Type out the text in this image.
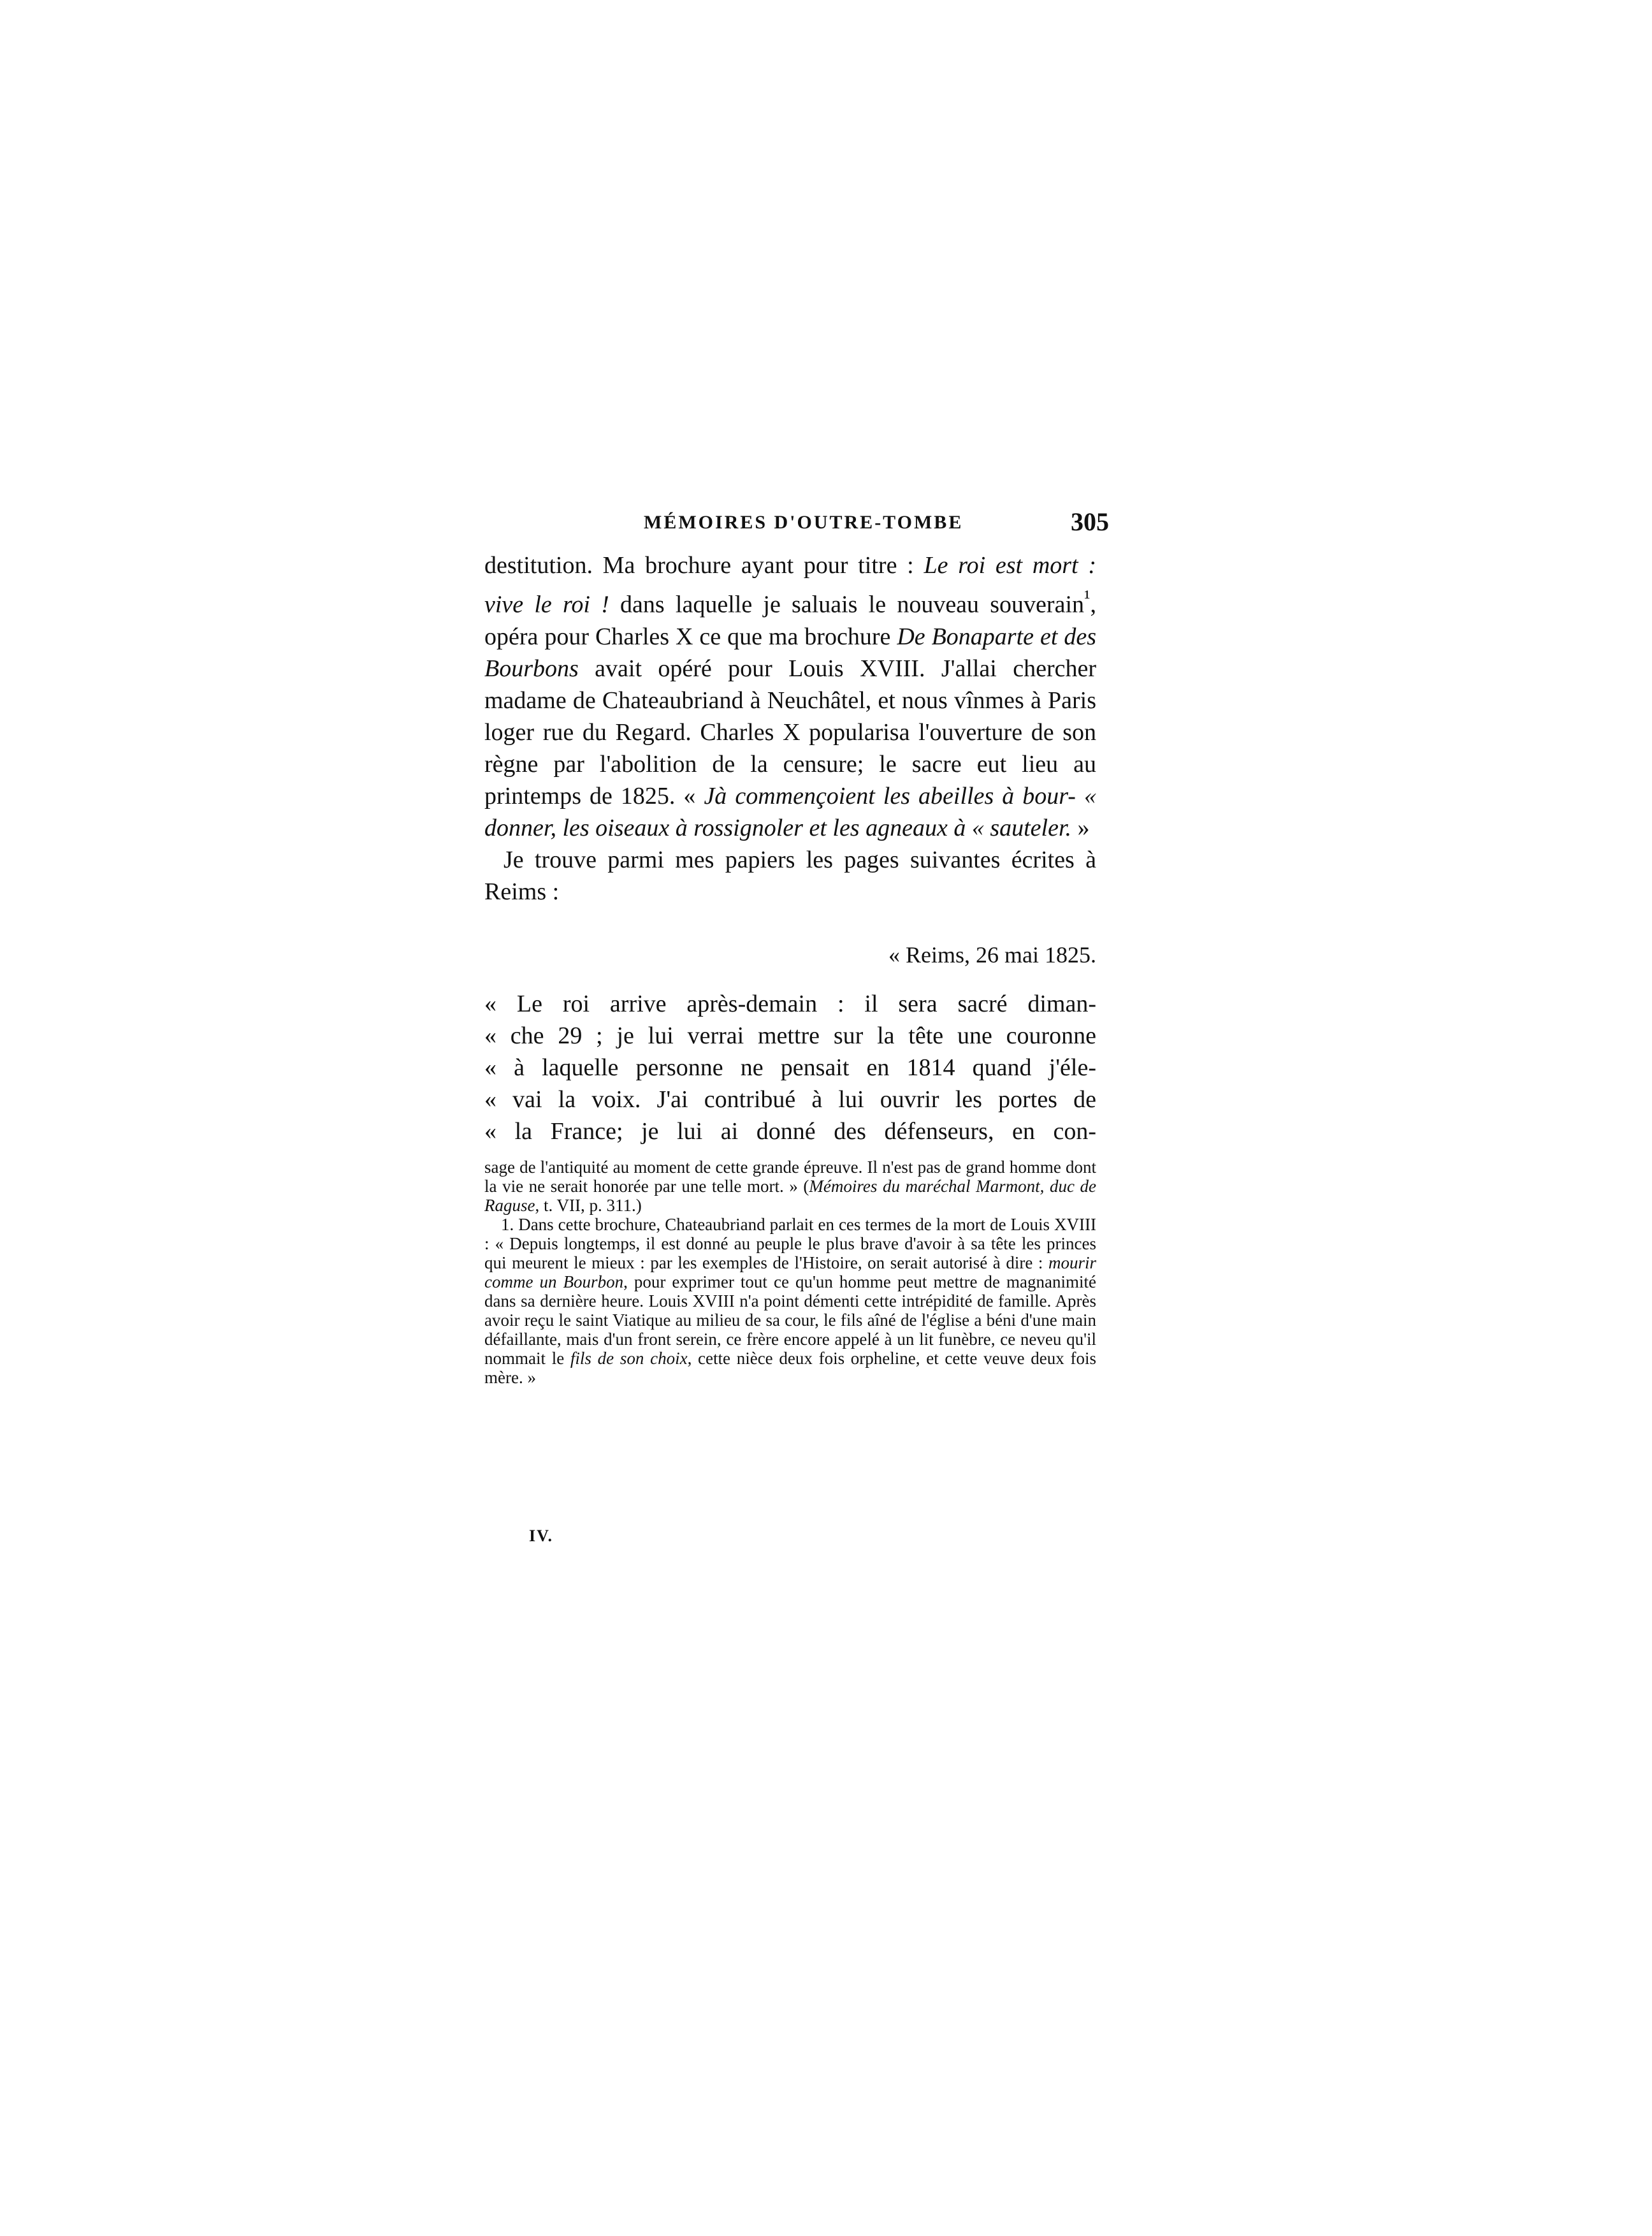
MÉMOIRES D'OUTRE-TOMBE	305

destitution. Ma brochure ayant pour titre : Le roi est mort : vive le roi ! dans laquelle je saluais le nouveau souverain$^{^1}$, opéra pour Charles X ce que ma brochure De Bonaparte et des Bourbons avait opéré pour Louis XVIII. J'allai chercher madame de Chateaubriand à Neuchâtel, et nous vînmes à Paris loger rue du Regard. Charles X popularisa l'ouverture de son règne par l'abolition de la censure; le sacre eut lieu au printemps de 1825. « Jà commençoient les abeilles à bour- « donner, les oiseaux à rossignoler et les agneaux à « sauteler. »

Je trouve parmi mes papiers les pages suivantes écrites à Reims :

« Reims, 26 mai 1825.
« Le roi arrive après-demain : il sera sacré diman-
« che 29 ; je lui verrai mettre sur la tête une couronne
« à laquelle personne ne pensait en 1814 quand j'éle-
« vai la voix. J'ai contribué à lui ouvrir les portes de
« la France; je lui ai donné des défenseurs, en con-

sage de l'antiquité au moment de cette grande épreuve. Il n'est pas de grand homme dont la vie ne serait honorée par une telle mort. » (Mémoires du maréchal Marmont, duc de Raguse, t. VII, p. 311.)

1. Dans cette brochure, Chateaubriand parlait en ces termes de la mort de Louis XVIII : « Depuis longtemps, il est donné au peuple le plus brave d'avoir à sa tête les princes qui meurent le mieux : par les exemples de l'Histoire, on serait autorisé à dire : mourir comme un Bourbon, pour exprimer tout ce qu'un homme peut mettre de magnanimité dans sa dernière heure. Louis XVIII n'a point démenti cette intrépidité de famille. Après avoir reçu le saint Viatique au milieu de sa cour, le fils aîné de l'église a béni d'une main défaillante, mais d'un front serein, ce frère encore appelé à un lit funèbre, ce neveu qu'il nommait le fils de son choix, cette nièce deux fois orpheline, et cette veuve deux fois mère. »

IV.
